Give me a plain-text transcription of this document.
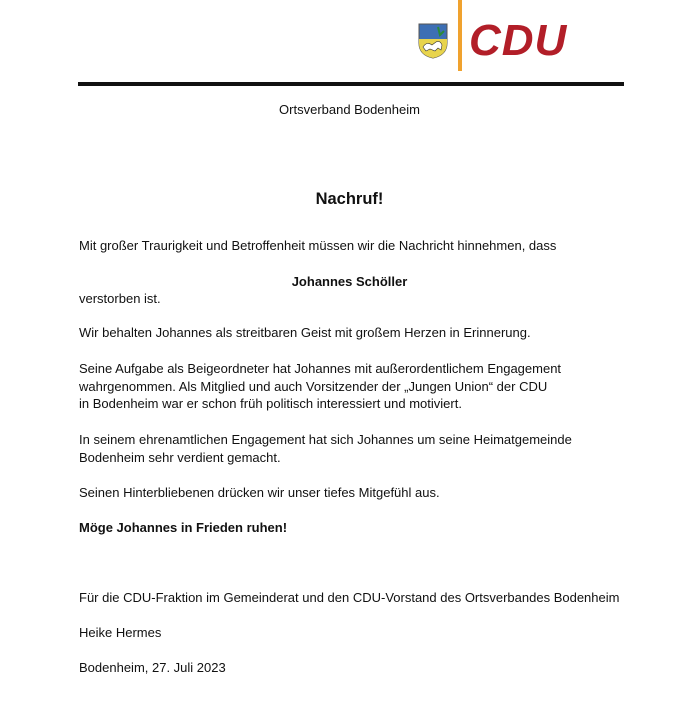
CDU
Ortsverband Bodenheim
Nachruf!
Mit großer Traurigkeit und Betroffenheit müssen wir die Nachricht hinnehmen, dass
Johannes Schöller
verstorben ist.
Wir behalten Johannes als streitbaren Geist mit großem Herzen in Erinnerung.
Seine Aufgabe als Beigeordneter hat Johannes mit außerordentlichem Engagement
wahrgenommen. Als Mitglied und auch Vorsitzender der „Jungen Union“ der CDU
in Bodenheim war er schon früh politisch interessiert und motiviert.
In seinem ehrenamtlichen Engagement hat sich Johannes um seine Heimatgemeinde
Bodenheim sehr verdient gemacht.
Seinen Hinterbliebenen drücken wir unser tiefes Mitgefühl aus.
Möge Johannes in Frieden ruhen!
Für die CDU-Fraktion im Gemeinderat und den CDU-Vorstand des Ortsverbandes Bodenheim
Heike Hermes
Bodenheim, 27. Juli 2023
